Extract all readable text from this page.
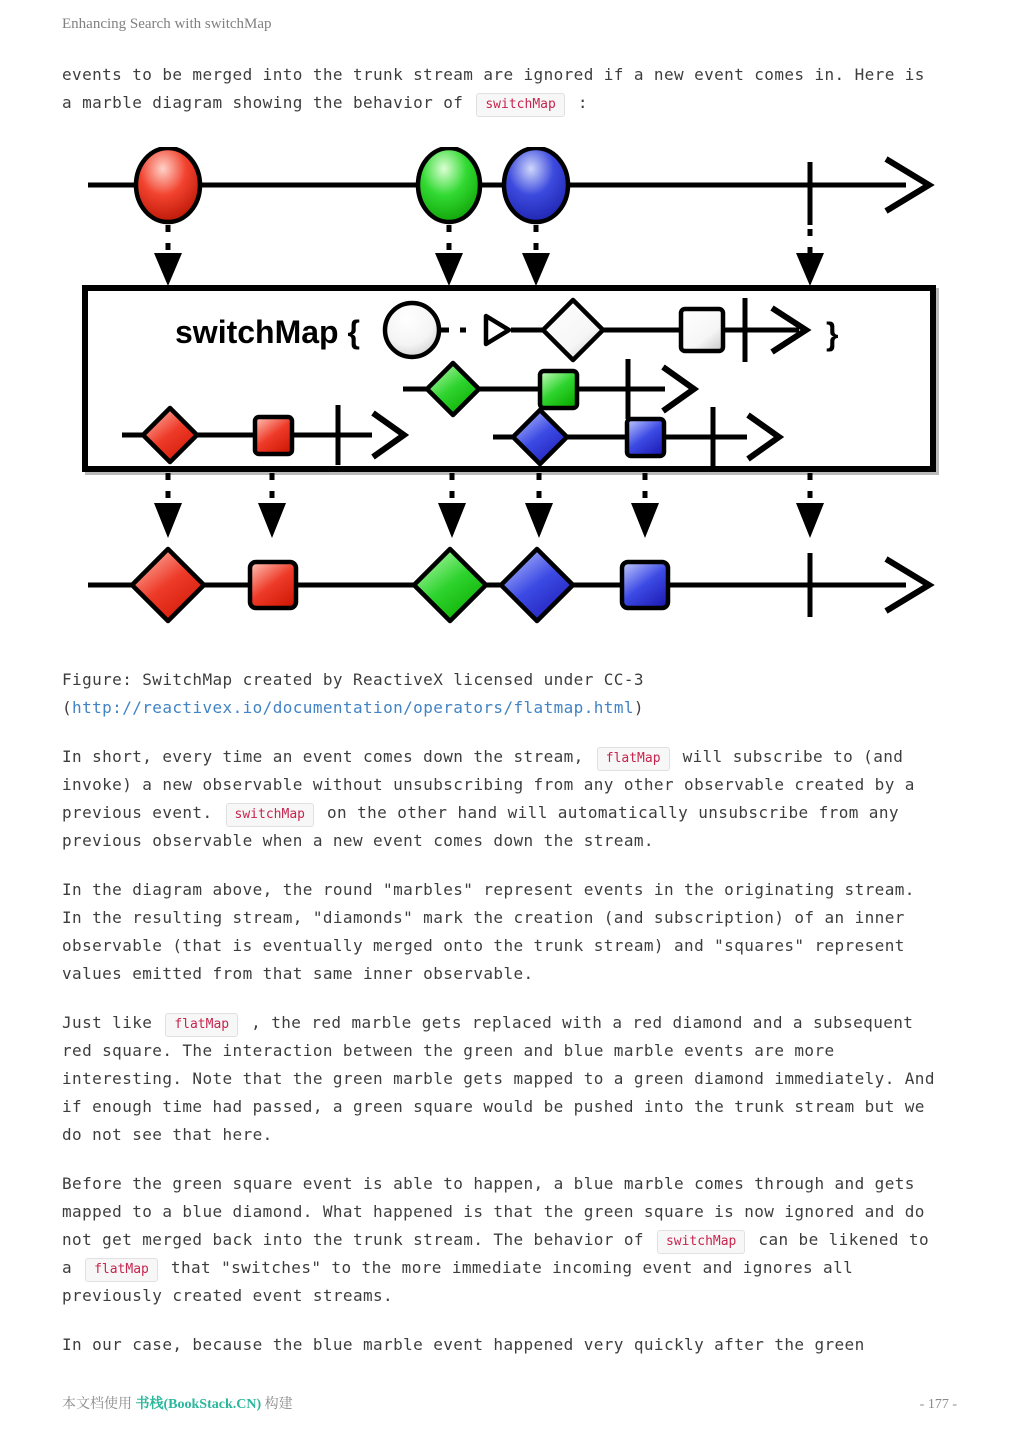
Enhancing Search with switchMap

events to be merged into the trunk stream are ignored if a new event comes in. Here is a marble diagram showing the behavior of switchMap :

switchMap {	}

Figure: SwitchMap created by ReactiveX licensed under CC-3
(http://reactivex.io/documentation/operators/flatmap.html)

In short, every time an event comes down the stream, flatMap will subscribe to (and invoke) a new observable without unsubscribing from any other observable created by a previous event. switchMap on the other hand will automatically unsubscribe from any previous observable when a new event comes down the stream.

In the diagram above, the round "marbles" represent events in the originating stream. In the resulting stream, "diamonds" mark the creation (and subscription) of an inner observable (that is eventually merged onto the trunk stream) and "squares" represent values emitted from that same inner observable.

Just like flatMap , the red marble gets replaced with a red diamond and a subsequent red square. The interaction between the green and blue marble events are more interesting. Note that the green marble gets mapped to a green diamond immediately. And if enough time had passed, a green square would be pushed into the trunk stream but we do not see that here.

Before the green square event is able to happen, a blue marble comes through and gets mapped to a blue diamond. What happened is that the green square is now ignored and do not get merged back into the trunk stream. The behavior of switchMap can be likened to a flatMap that "switches" to the more immediate incoming event and ignores all previously created event streams.

In our case, because the blue marble event happened very quickly after the green

本文档使用 书栈(BookStack.CN) 构建	- 177 -
